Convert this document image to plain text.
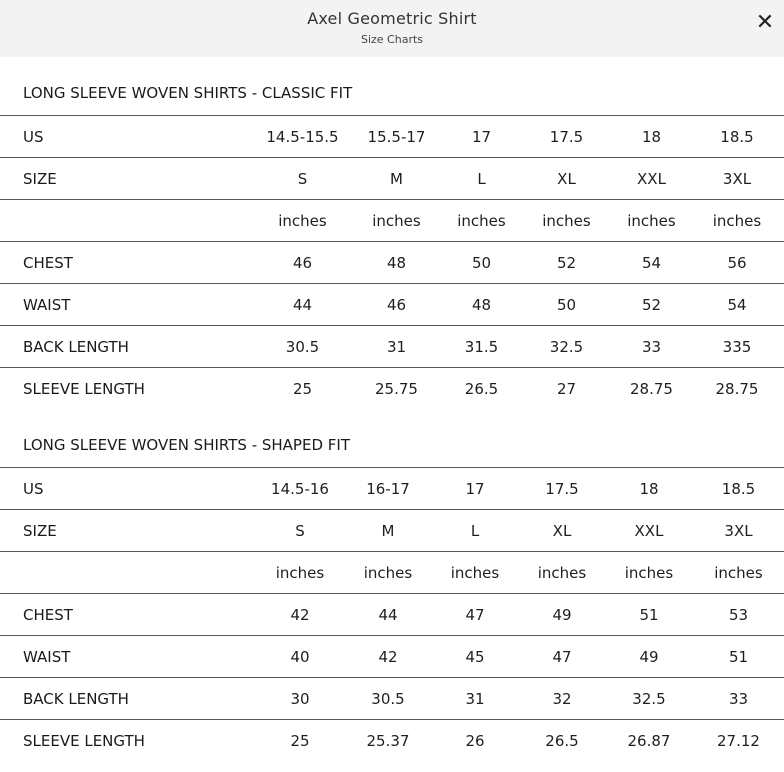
Axel Geometric Shirt
Size Charts
✕
LONG SLEEVE WOVEN SHIRTS - CLASSIC FIT
US	14.5-15.5	15.5-17	17	17.5	18	18.5
SIZE	S	M	L	XL	XXL	3XL
	inches	inches	inches	inches	inches	inches
CHEST	46	48	50	52	54	56
WAIST	44	46	48	50	52	54
BACK LENGTH	30.5	31	31.5	32.5	33	335
SLEEVE LENGTH	25	25.75	26.5	27	28.75	28.75
LONG SLEEVE WOVEN SHIRTS - SHAPED FIT
US	14.5-16	16-17	17	17.5	18	18.5
SIZE	S	M	L	XL	XXL	3XL
	inches	inches	inches	inches	inches	inches
CHEST	42	44	47	49	51	53
WAIST	40	42	45	47	49	51
BACK LENGTH	30	30.5	31	32	32.5	33
SLEEVE LENGTH	25	25.37	26	26.5	26.87	27.12
